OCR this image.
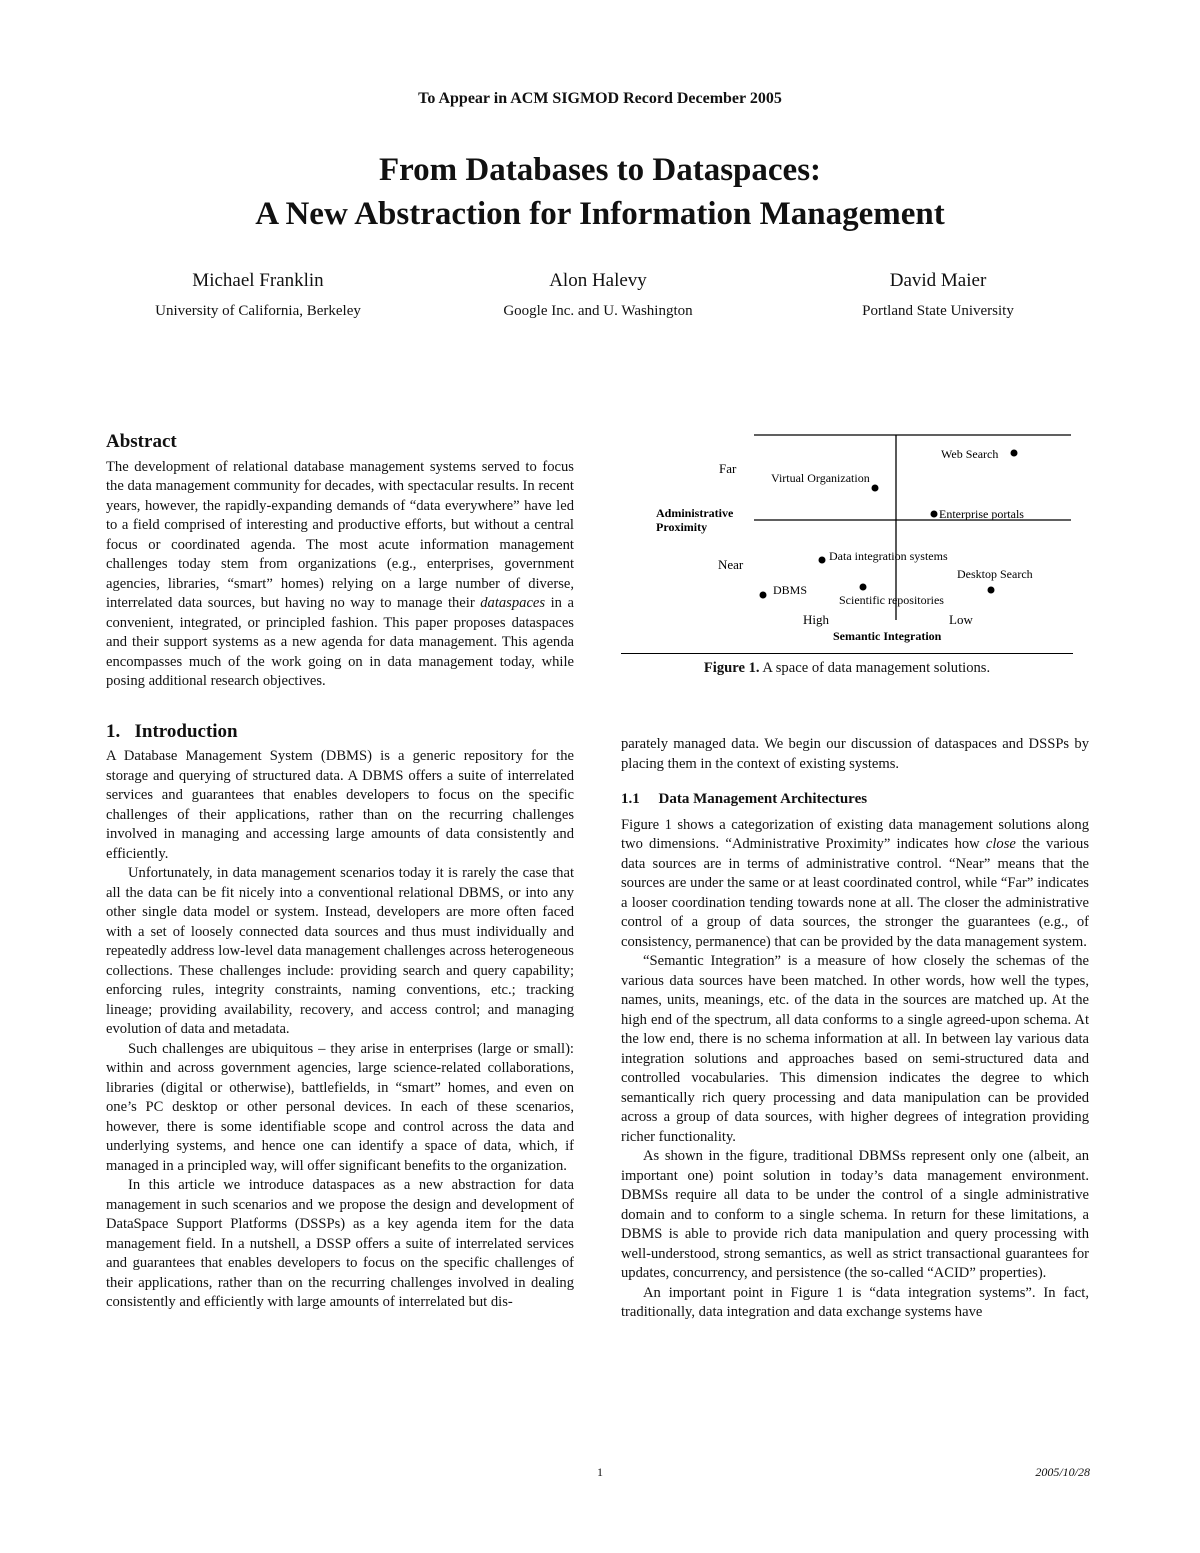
To Appear in ACM SIGMOD Record December 2005
From Databases to Dataspaces:
A New Abstraction for Information Management
Michael Franklin	Alon Halevy	David Maier
University of California, Berkeley	Google Inc. and U. Washington	Portland State University
Abstract

The development of relational database management systems served to focus the data management community for decades, with spectacular results. In recent years, however, the rapidly-expanding demands of “data everywhere” have led to a field comprised of interesting and productive efforts, but without a central focus or coordinated agenda. The most acute information management challenges today stem from organizations (e.g., enterprises, government agencies, libraries, “smart” homes) relying on a large number of diverse, interrelated data sources, but having no way to manage their dataspaces in a convenient, integrated, or principled fashion. This paper proposes dataspaces and their support systems as a new agenda for data management. This agenda encompasses much of the work going on in data management today, while posing additional research objectives.

1.   Introduction

A Database Management System (DBMS) is a generic repository for the storage and querying of structured data. A DBMS offers a suite of interrelated services and guarantees that enables developers to focus on the specific challenges of their applications, rather than on the recurring challenges involved in managing and accessing large amounts of data consistently and efficiently.

Unfortunately, in data management scenarios today it is rarely the case that all the data can be fit nicely into a conventional relational DBMS, or into any other single data model or system. Instead, developers are more often faced with a set of loosely connected data sources and thus must individually and repeatedly address low-level data management challenges across heterogeneous collections. These challenges include: providing search and query capability; enforcing rules, integrity constraints, naming conventions, etc.; tracking lineage; providing availability, recovery, and access control; and managing evolution of data and metadata.

Such challenges are ubiquitous – they arise in enterprises (large or small): within and across government agencies, large science-related collaborations, libraries (digital or otherwise), battlefields, in “smart” homes, and even on one’s PC desktop or other personal devices. In each of these scenarios, however, there is some identifiable scope and control across the data and underlying systems, and hence one can identify a space of data, which, if managed in a principled way, will offer significant benefits to the organization.

In this article we introduce dataspaces as a new abstraction for data management in such scenarios and we propose the design and development of DataSpace Support Platforms (DSSPs) as a key agenda item for the data management field. In a nutshell, a DSSP offers a suite of interrelated services and guarantees that enables developers to focus on the specific challenges of their applications, rather than on the recurring challenges involved in dealing consistently and efficiently with large amounts of interrelated but dis-

Far
Administrative
Proximity
Near
High	Low
Semantic Integration
Web Search
Virtual Organization
Enterprise portals
Data integration systems
Desktop Search
DBMS
Scientific repositories
Figure 1. A space of data management solutions.

parately managed data. We begin our discussion of dataspaces and DSSPs by placing them in the context of existing systems.

1.1     Data Management Architectures

Figure 1 shows a categorization of existing data management solutions along two dimensions. “Administrative Proximity” indicates how close the various data sources are in terms of administrative control. “Near” means that the sources are under the same or at least coordinated control, while “Far” indicates a looser coordination tending towards none at all. The closer the administrative control of a group of data sources, the stronger the guarantees (e.g., of consistency, permanence) that can be provided by the data management system.

“Semantic Integration” is a measure of how closely the schemas of the various data sources have been matched. In other words, how well the types, names, units, meanings, etc. of the data in the sources are matched up. At the high end of the spectrum, all data conforms to a single agreed-upon schema. At the low end, there is no schema information at all. In between lay various data integration solutions and approaches based on semi-structured data and controlled vocabularies. This dimension indicates the degree to which semantically rich query processing and data manipulation can be provided across a group of data sources, with higher degrees of integration providing richer functionality.

As shown in the figure, traditional DBMSs represent only one (albeit, an important one) point solution in today’s data management environment. DBMSs require all data to be under the control of a single administrative domain and to conform to a single schema. In return for these limitations, a DBMS is able to provide rich data manipulation and query processing with well-understood, strong semantics, as well as strict transactional guarantees for updates, concurrency, and persistence (the so-called “ACID” properties).

An important point in Figure 1 is “data integration systems”. In fact, traditionally, data integration and data exchange systems have

1	2005/10/28
